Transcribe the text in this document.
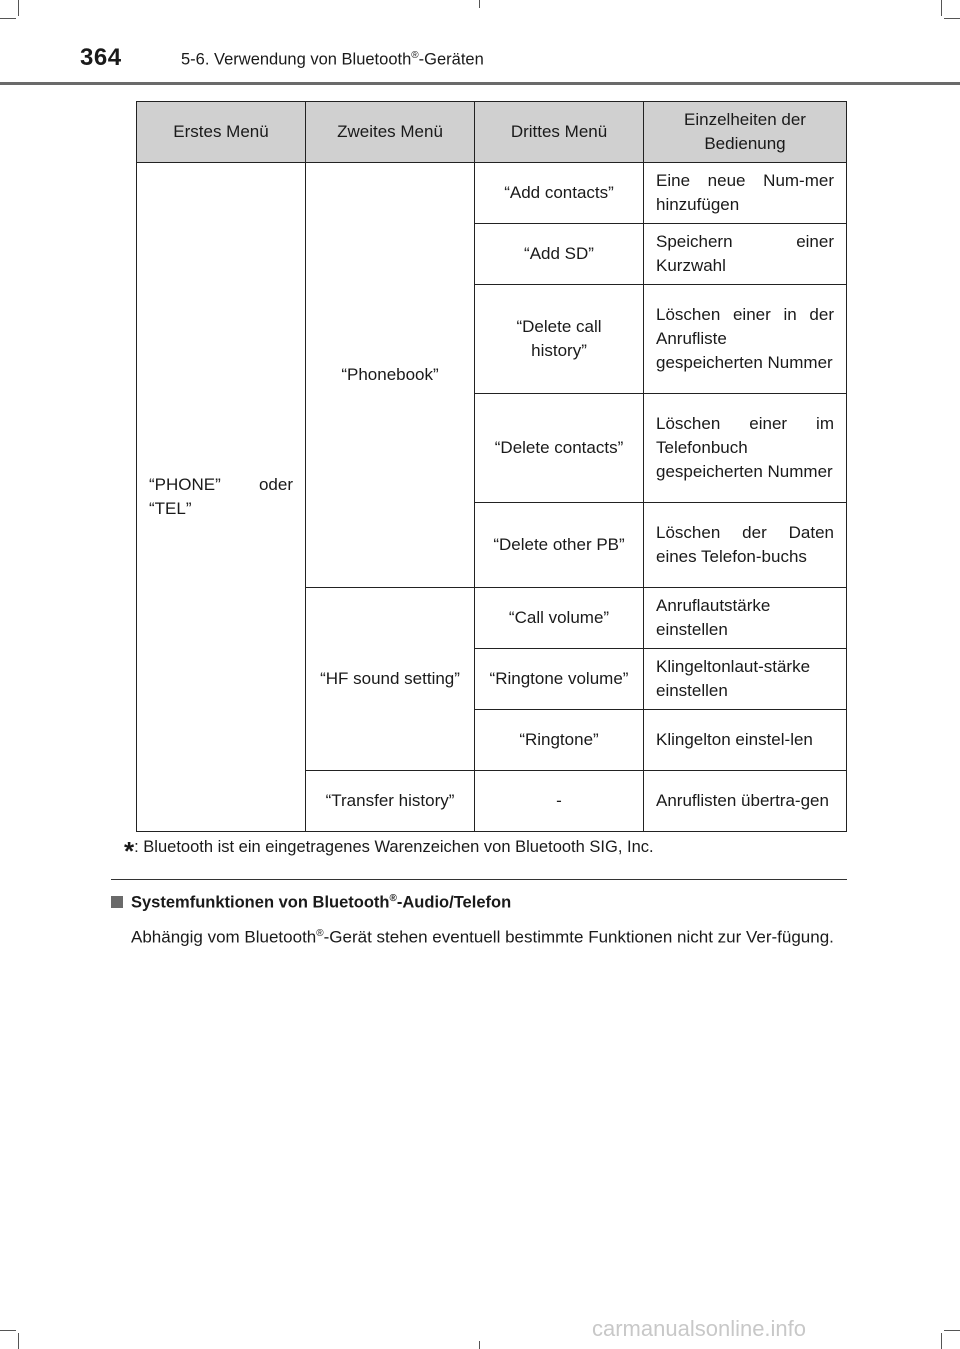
364	5-6. Verwendung von Bluetooth®-Geräten
Erstes Menü	Zweites Menü	Drittes Menü	Einzelheiten der Bedienung
“PHONE” oder “TEL”	“Phonebook”	“Add contacts”	Eine neue Num-mer hinzufügen
		“Add SD”	Speichern einer Kurzwahl
		“Delete call history”	Löschen einer in der Anrufliste gespeicherten Nummer
		“Delete contacts”	Löschen einer im Telefonbuch gespeicherten Nummer
		“Delete other PB”	Löschen der Daten eines Telefon-buchs
	“HF sound setting”	“Call volume”	Anruflautstärke einstellen
		“Ringtone volume”	Klingeltonlaut-stärke einstellen
		“Ringtone”	Klingelton einstel-len
	“Transfer history”	-	Anruflisten übertra-gen
*: Bluetooth ist ein eingetragenes Warenzeichen von Bluetooth SIG, Inc.
Systemfunktionen von Bluetooth®-Audio/Telefon
Abhängig vom Bluetooth®-Gerät stehen eventuell bestimmte Funktionen nicht zur Ver-fügung.
carmanualsonline.info
